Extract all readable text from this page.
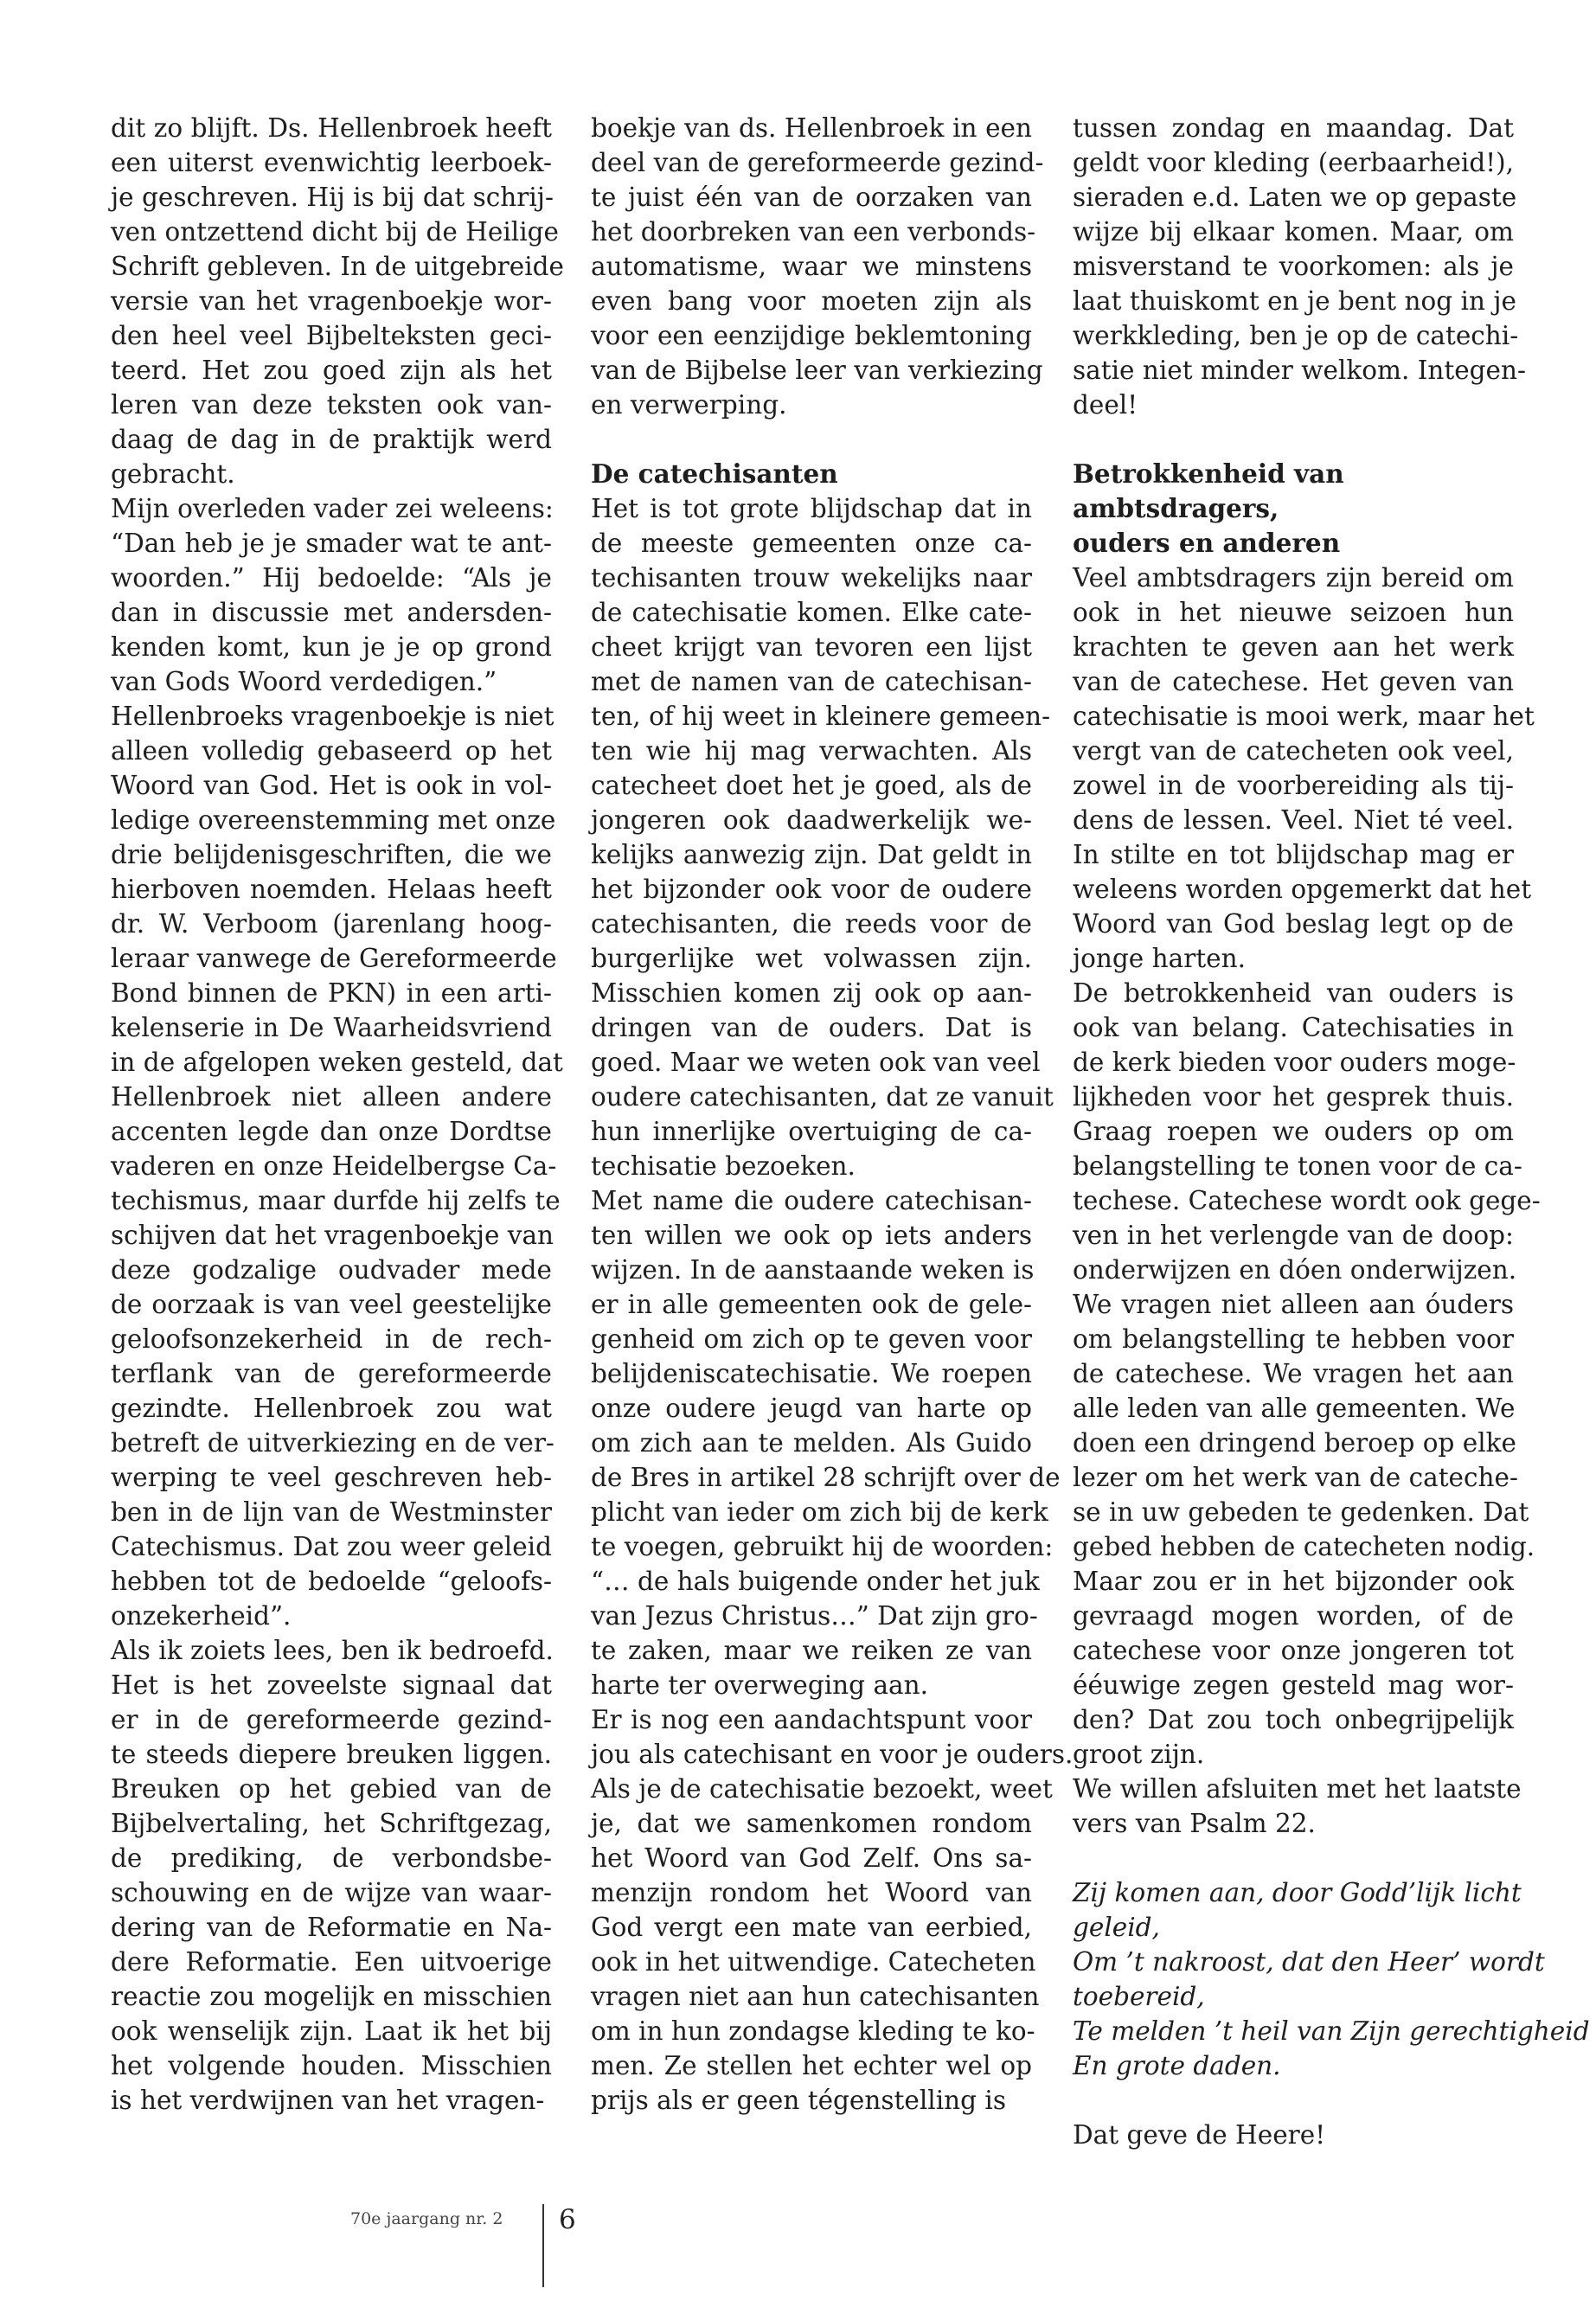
dit zo blijft. Ds. Hellenbroek heeft
een uiterst evenwichtig leerboek-
je geschreven. Hij is bij dat schrij-
ven ontzettend dicht bij de Heilige
Schrift gebleven. In de uitgebreide
versie van het vragenboekje wor-
den heel veel Bijbelteksten geci-
teerd. Het zou goed zijn als het
leren van deze teksten ook van-
daag de dag in de praktijk werd
gebracht.

Mijn overleden vader zei weleens:
“Dan heb je je smader wat te ant-
woorden.” Hij bedoelde: “Als je
dan in discussie met andersden-
kenden komt, kun je je op grond
van Gods Woord verdedigen.”

Hellenbroeks vragenboekje is niet
alleen volledig gebaseerd op het
Woord van God. Het is ook in vol-
ledige overeenstemming met onze
drie belijdenisgeschriften, die we
hierboven noemden. Helaas heeft
dr. W. Verboom (jarenlang hoog-
leraar vanwege de Gereformeerde
Bond binnen de PKN) in een arti-
kelenserie in De Waarheidsvriend
in de afgelopen weken gesteld, dat
Hellenbroek niet alleen andere
accenten legde dan onze Dordtse
vaderen en onze Heidelbergse Ca-
techismus, maar durfde hij zelfs te
schijven dat het vragenboekje van
deze godzalige oudvader mede
de oorzaak is van veel geestelijke
geloofsonzekerheid in de rech-
terflank van de gereformeerde
gezindte. Hellenbroek zou wat
betreft de uitverkiezing en de ver-
werping te veel geschreven heb-
ben in de lijn van de Westminster
Catechismus. Dat zou weer geleid
hebben tot de bedoelde “geloofs-
onzekerheid”.

Als ik zoiets lees, ben ik bedroefd.
Het is het zoveelste signaal dat
er in de gereformeerde gezind-
te steeds diepere breuken liggen.
Breuken op het gebied van de
Bijbelvertaling, het Schriftgezag,
de prediking, de verbondsbe-
schouwing en de wijze van waar-
dering van de Reformatie en Na-
dere Reformatie. Een uitvoerige
reactie zou mogelijk en misschien
ook wenselijk zijn. Laat ik het bij
het volgende houden. Misschien
is het verdwijnen van het vragen-

boekje van ds. Hellenbroek in een
deel van de gereformeerde gezind-
te juist één van de oorzaken van
het doorbreken van een verbonds-
automatisme, waar we minstens
even bang voor moeten zijn als
voor een eenzijdige beklemtoning
van de Bijbelse leer van verkiezing
en verwerping.

De catechisanten

Het is tot grote blijdschap dat in
de meeste gemeenten onze ca-
techisanten trouw wekelijks naar
de catechisatie komen. Elke cate-
cheet krijgt van tevoren een lijst
met de namen van de catechisan-
ten, of hij weet in kleinere gemeen-
ten wie hij mag verwachten. Als
catecheet doet het je goed, als de
jongeren ook daadwerkelijk we-
kelijks aanwezig zijn. Dat geldt in
het bijzonder ook voor de oudere
catechisanten, die reeds voor de
burgerlijke wet volwassen zijn.
Misschien komen zij ook op aan-
dringen van de ouders. Dat is
goed. Maar we weten ook van veel
oudere catechisanten, dat ze vanuit
hun innerlijke overtuiging de ca-
techisatie bezoeken.

Met name die oudere catechisan-
ten willen we ook op iets anders
wijzen. In de aanstaande weken is
er in alle gemeenten ook de gele-
genheid om zich op te geven voor
belijdeniscatechisatie. We roepen
onze oudere jeugd van harte op
om zich aan te melden. Als Guido
de Bres in artikel 28 schrijft over de
plicht van ieder om zich bij de kerk
te voegen, gebruikt hij de woorden:
“… de hals buigende onder het juk
van Jezus Christus…” Dat zijn gro-
te zaken, maar we reiken ze van
harte ter overweging aan.

Er is nog een aandachtspunt voor
jou als catechisant en voor je ouders.
Als je de catechisatie bezoekt, weet
je, dat we samenkomen rondom
het Woord van God Zelf. Ons sa-
menzijn rondom het Woord van
God vergt een mate van eerbied,
ook in het uitwendige. Catecheten
vragen niet aan hun catechisanten
om in hun zondagse kleding te ko-
men. Ze stellen het echter wel op
prijs als er geen tégenstelling is

tussen zondag en maandag. Dat
geldt voor kleding (eerbaarheid!),
sieraden e.d. Laten we op gepaste
wijze bij elkaar komen. Maar, om
misverstand te voorkomen: als je
laat thuiskomt en je bent nog in je
werkkleding, ben je op de catechi-
satie niet minder welkom. Integen-
deel!

Betrokkenheid van ambtsdragers,
ouders en anderen

Veel ambtsdragers zijn bereid om
ook in het nieuwe seizoen hun
krachten te geven aan het werk
van de catechese. Het geven van
catechisatie is mooi werk, maar het
vergt van de catecheten ook veel,
zowel in de voorbereiding als tij-
dens de lessen. Veel. Niet té veel.
In stilte en tot blijdschap mag er
weleens worden opgemerkt dat het
Woord van God beslag legt op de
jonge harten.

De betrokkenheid van ouders is
ook van belang. Catechisaties in
de kerk bieden voor ouders moge-
lijkheden voor het gesprek thuis.
Graag roepen we ouders op om
belangstelling te tonen voor de ca-
techese. Catechese wordt ook gege-
ven in het verlengde van de doop:
onderwijzen en dóen onderwijzen.
We vragen niet alleen aan óuders
om belangstelling te hebben voor
de catechese. We vragen het aan
alle leden van alle gemeenten. We
doen een dringend beroep op elke
lezer om het werk van de cateche-
se in uw gebeden te gedenken. Dat
gebed hebben de catecheten nodig.
Maar zou er in het bijzonder ook
gevraagd mogen worden, of de
catechese voor onze jongeren tot
ééuwige zegen gesteld mag wor-
den? Dat zou toch onbegrijpelijk
groot zijn.

We willen afsluiten met het laatste
vers van Psalm 22.

Zij komen aan, door Godd’lijk licht
geleid,
Om ’t nakroost, dat den Heer’ wordt
toebereid,
Te melden ’t heil van Zijn gerechtigheid
En grote daden.

Dat geve de Heere!

70e jaargang nr. 2 6
